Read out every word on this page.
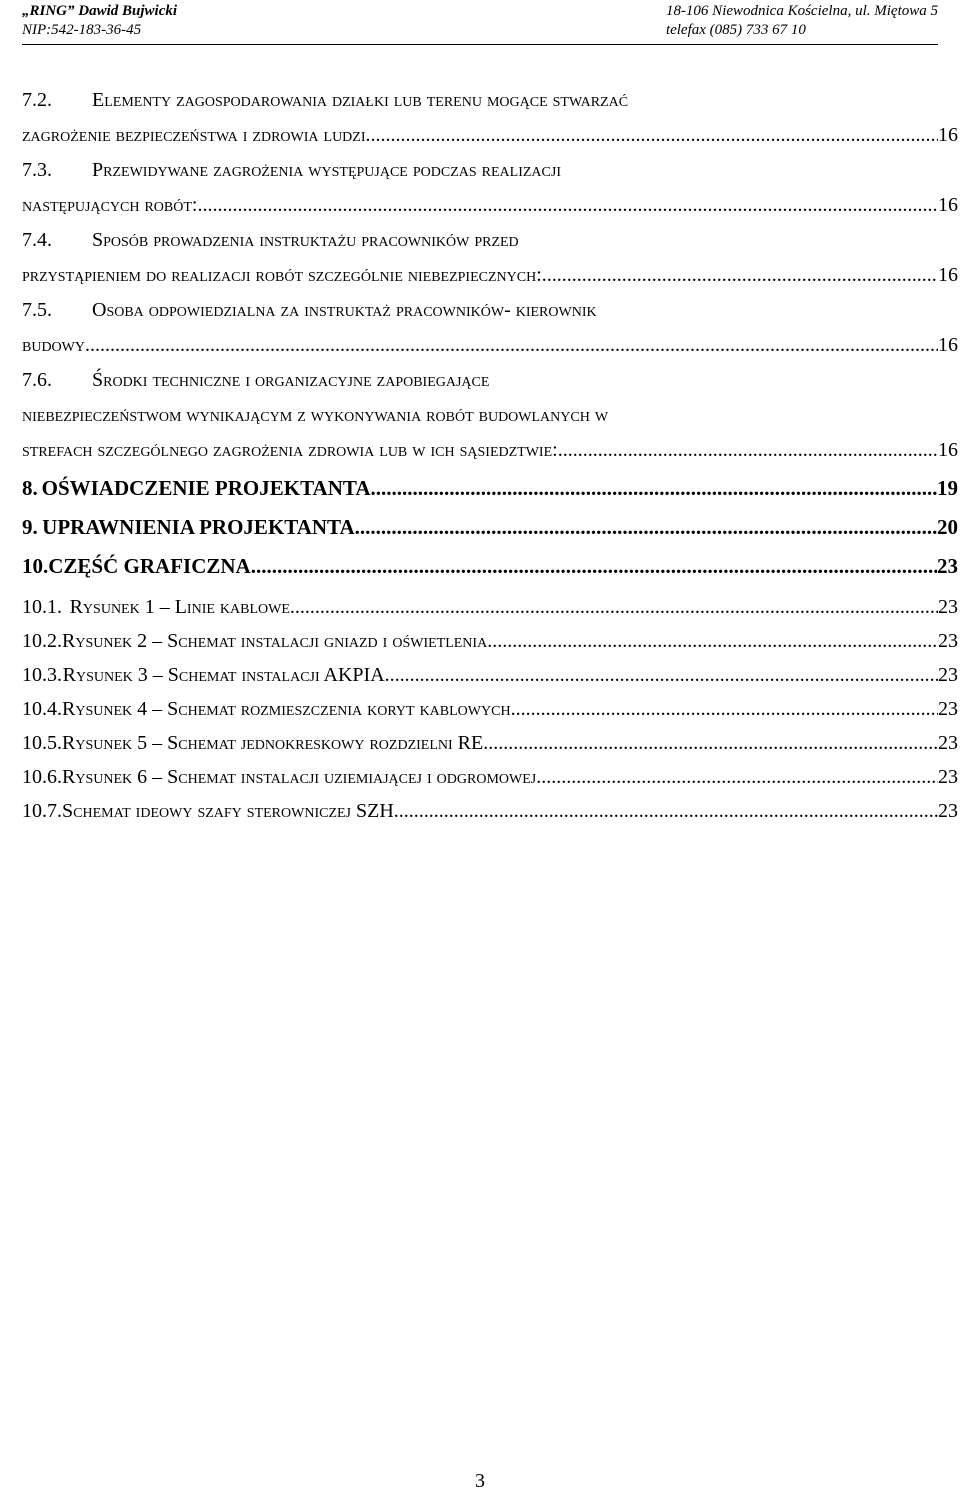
„RING” Dawid Bujwicki
NIP:542-183-36-45
18-106 Niewodnica Kościelna, ul. Miętowa 5
telefax (085) 733 67 10
7.2. Elementy zagospodarowania działki lub terenu mogące stwarzać
zagrożenie bezpieczeństwa i zdrowia ludzi .....	16
7.3. Przewidywane zagrożenia występujące podczas realizacji
następujących robót: .....	16
7.4. Sposób prowadzenia instruktażu pracowników przed
przystąpieniem do realizacji robót szczególnie niebezpiecznych: .....	16
7.5. Osoba odpowiedzialna za instruktaż pracowników- kierownik
budowy .....	16
7.6. Środki techniczne i organizacyjne zapobiegające
niebezpieczeństwom wynikającym z wykonywania robót budowlanych w
strefach szczególnego zagrożenia zdrowia lub w ich sąsiedztwie: .....	16
8. OŚWIADCZENIE PROJEKTANTA .....	19
9. UPRAWNIENIA PROJEKTANTA .....	20
10. CZĘŚĆ GRAFICZNA .....	23
10.1. Rysunek 1 – Linie kablowe .....	23
10.2. Rysunek 2 – Schemat instalacji gniazd i oświetlenia .....	23
10.3. Rysunek 3 – Schemat instalacji AKPIA .....	23
10.4. Rysunek 4 – Schemat rozmieszczenia koryt kablowych .....	23
10.5. Rysunek 5 – Schemat jednokreskowy rozdzielni RE .....	23
10.6. Rysunek 6 – Schemat instalacji uziemiającej i odgromowej .....	23
10.7. Schemat ideowy szafy sterowniczej SZH .....	23
3
